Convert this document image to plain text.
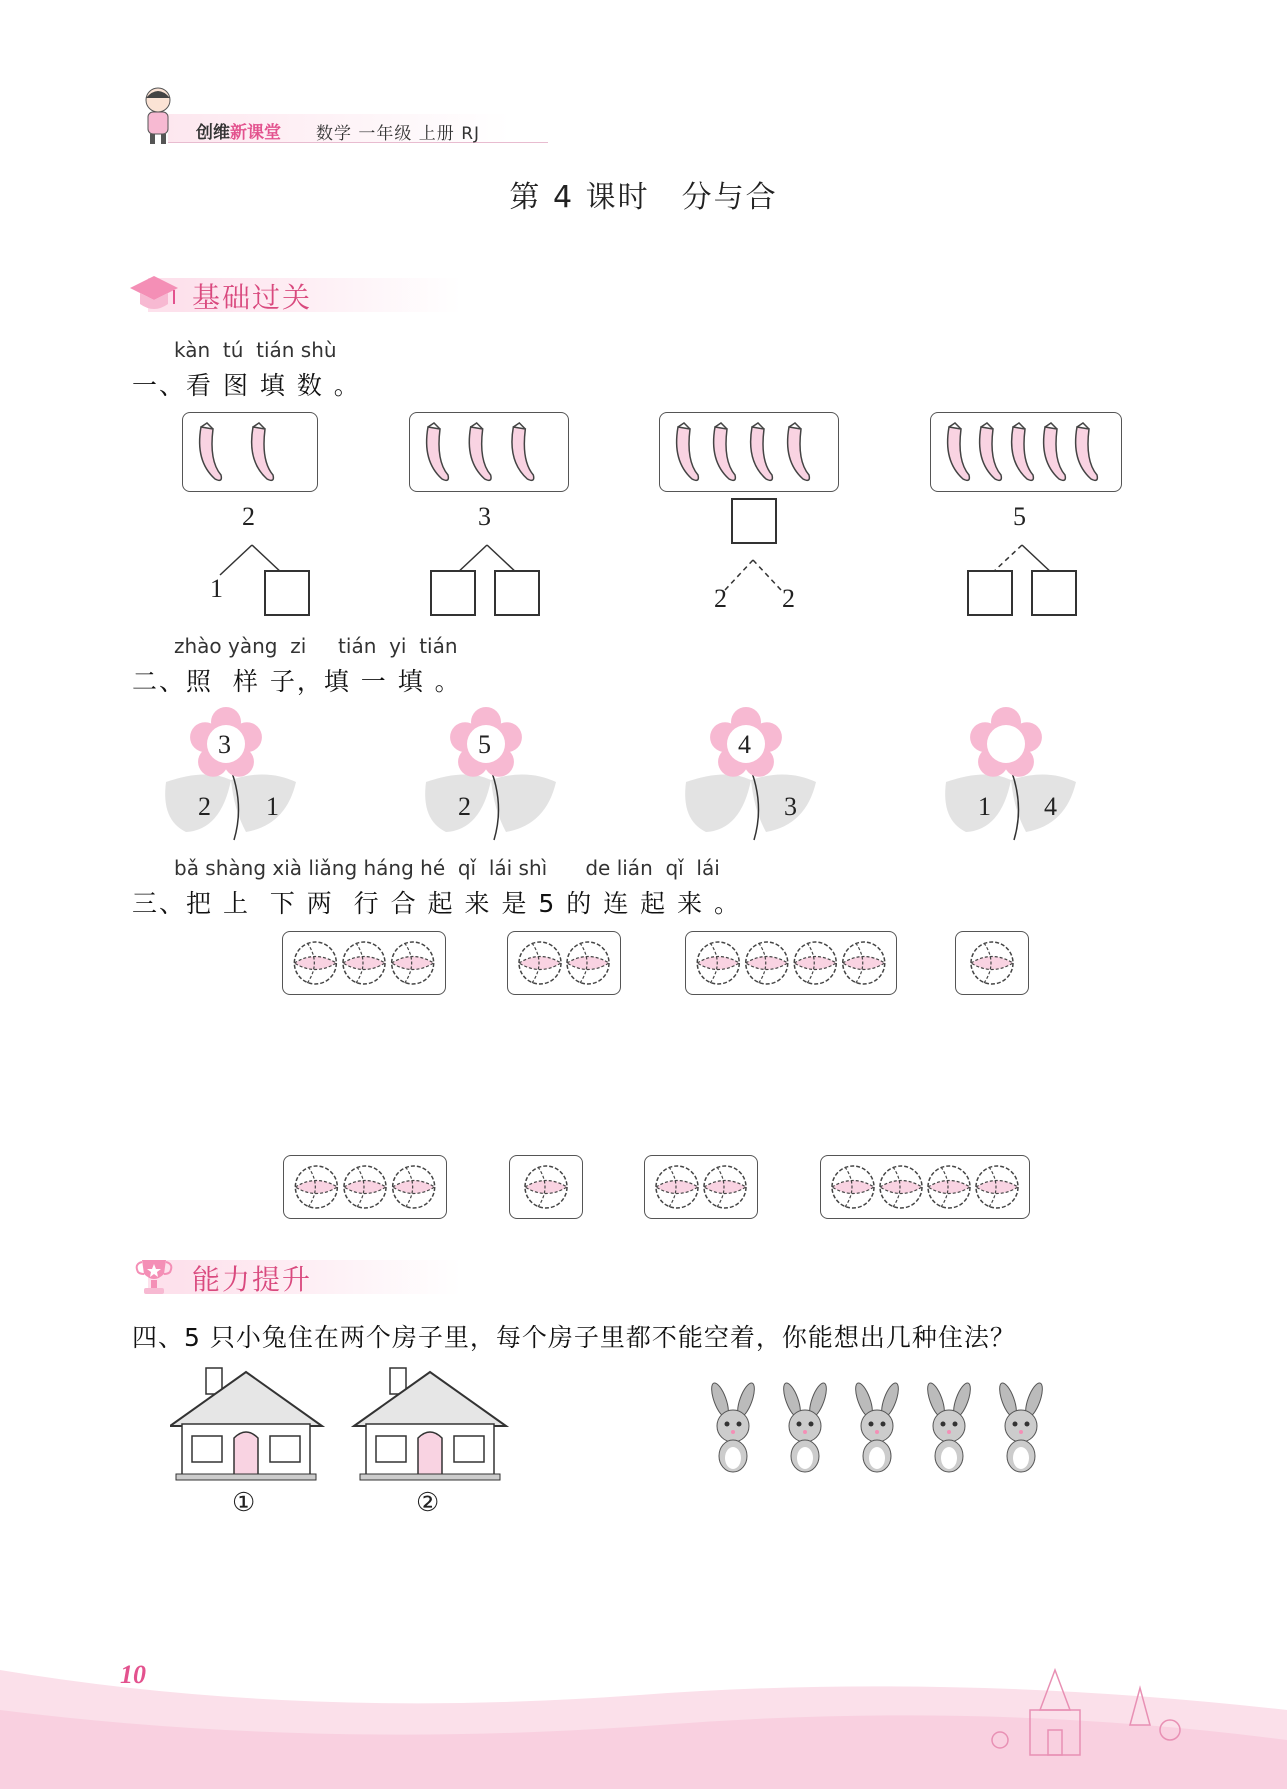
创维新课堂 数学 一年级 上册 RJ
第 4 课时　分与合
基础过关
kàn  tú  tián shù
一、看 图 填 数 。
2
1
3
2 2
5
zhào yàng  zi     tián  yi  tián
二、照  样 子，填 一 填 。
3
2 1
5
2
4
3	1 4
bǎ shàng xià liǎng háng hé  qǐ  lái shì      de lián  qǐ  lái
三、把 上  下 两  行 合 起 来 是 5 的 连 起 来 。
能力提升
四、5 只小兔住在两个房子里，每个房子里都不能空着，你能想出几种住法？
①	②
10
